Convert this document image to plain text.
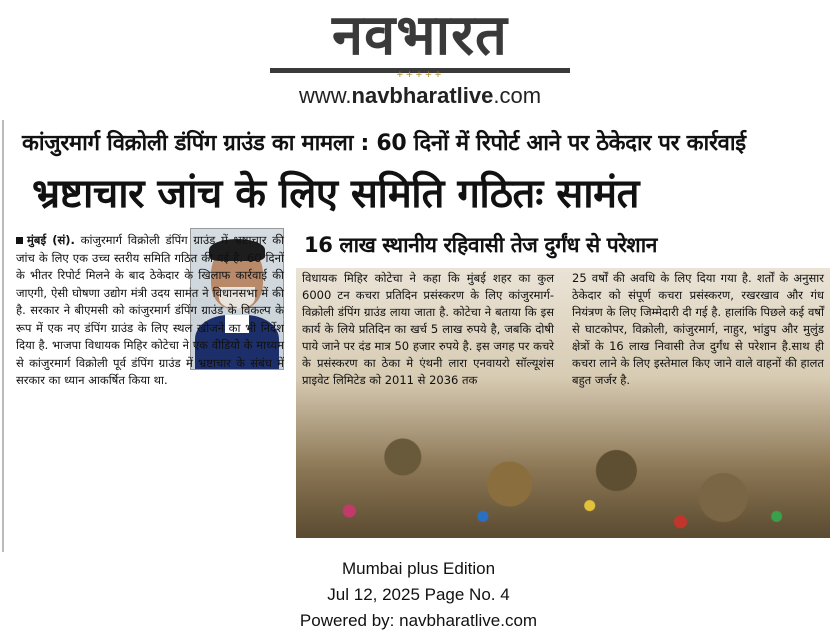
नवभारत
+++++
www.navbharatlive.com
कांजुरमार्ग विक्रोली डंपिंग ग्राउंड का मामला : 60 दिनों में रिपोर्ट आने पर ठेकेदार पर कार्रवाई
भ्रष्टाचार जांच के लिए समिति गठितः सामंत
मुंबई (सं). कांजुरमार्ग विक्रोली डंपिंग ग्राउंड में भ्रष्टाचार की जांच के लिए एक उच्च स्तरीय समिति गठित की गई है. 60 दिनों के भीतर रिपोर्ट मिलने के बाद ठेकेदार के खिलाफ कार्रवाई की जाएगी, ऐसी घोषणा उद्योग मंत्री उदय सामंत ने विधानसभा में की है. सरकार ने बीएमसी को कांजुरमार्ग डंपिंग ग्राउंड के विकल्प के रूप में एक नए डंपिंग ग्राउंड के लिए स्थल खोजने का भी निर्देश दिया है. भाजपा विधायक मिहिर कोटेचा ने एक वीडियो के माध्यम से कांजुरमार्ग विक्रोली पूर्व डंपिंग ग्राउंड में भ्रष्टाचार के संबंध में सरकार का ध्यान आकर्षित किया था.
16 लाख स्थानीय रहिवासी तेज दुर्गंध से परेशान
विधायक मिहिर कोटेचा ने कहा कि मुंबई शहर का कुल 6000 टन कचरा प्रतिदिन प्रसंस्करण के लिए कांजुरमार्ग-विक्रोली डंपिंग ग्राउंड लाया जाता है. कोटेचा ने बताया कि इस कार्य के लिये प्रतिदिन का खर्च 5 लाख रुपये है, जबकि दोषी पाये जाने पर दंड मात्र 50 हजार रुपये है. इस जगह पर कचरे के प्रसंस्करण का ठेका मे एंथनी लारा एनवायरो सॉल्यूशंस प्राइवेट लिमिटेड को 2011 से 2036 तक
25 वर्षों की अवधि के लिए दिया गया है. शर्तों के अनुसार ठेकेदार को संपूर्ण कचरा प्रसंस्करण, रखरखाव और गंध नियंत्रण के लिए जिम्मेदारी दी गई है. हालांकि पिछले कई वर्षों से घाटकोपर, विक्रोली, कांजुरमार्ग, नाहुर, भांडुप और मुलुंड क्षेत्रों के 16 लाख निवासी तेज दुर्गंध से परेशान है.साथ ही कचरा लाने के लिए इस्तेमाल किए जाने वाले वाहनों की हालत बहुत जर्जर है.
Mumbai plus Edition
Jul 12, 2025 Page No. 4
Powered by: navbharatlive.com
